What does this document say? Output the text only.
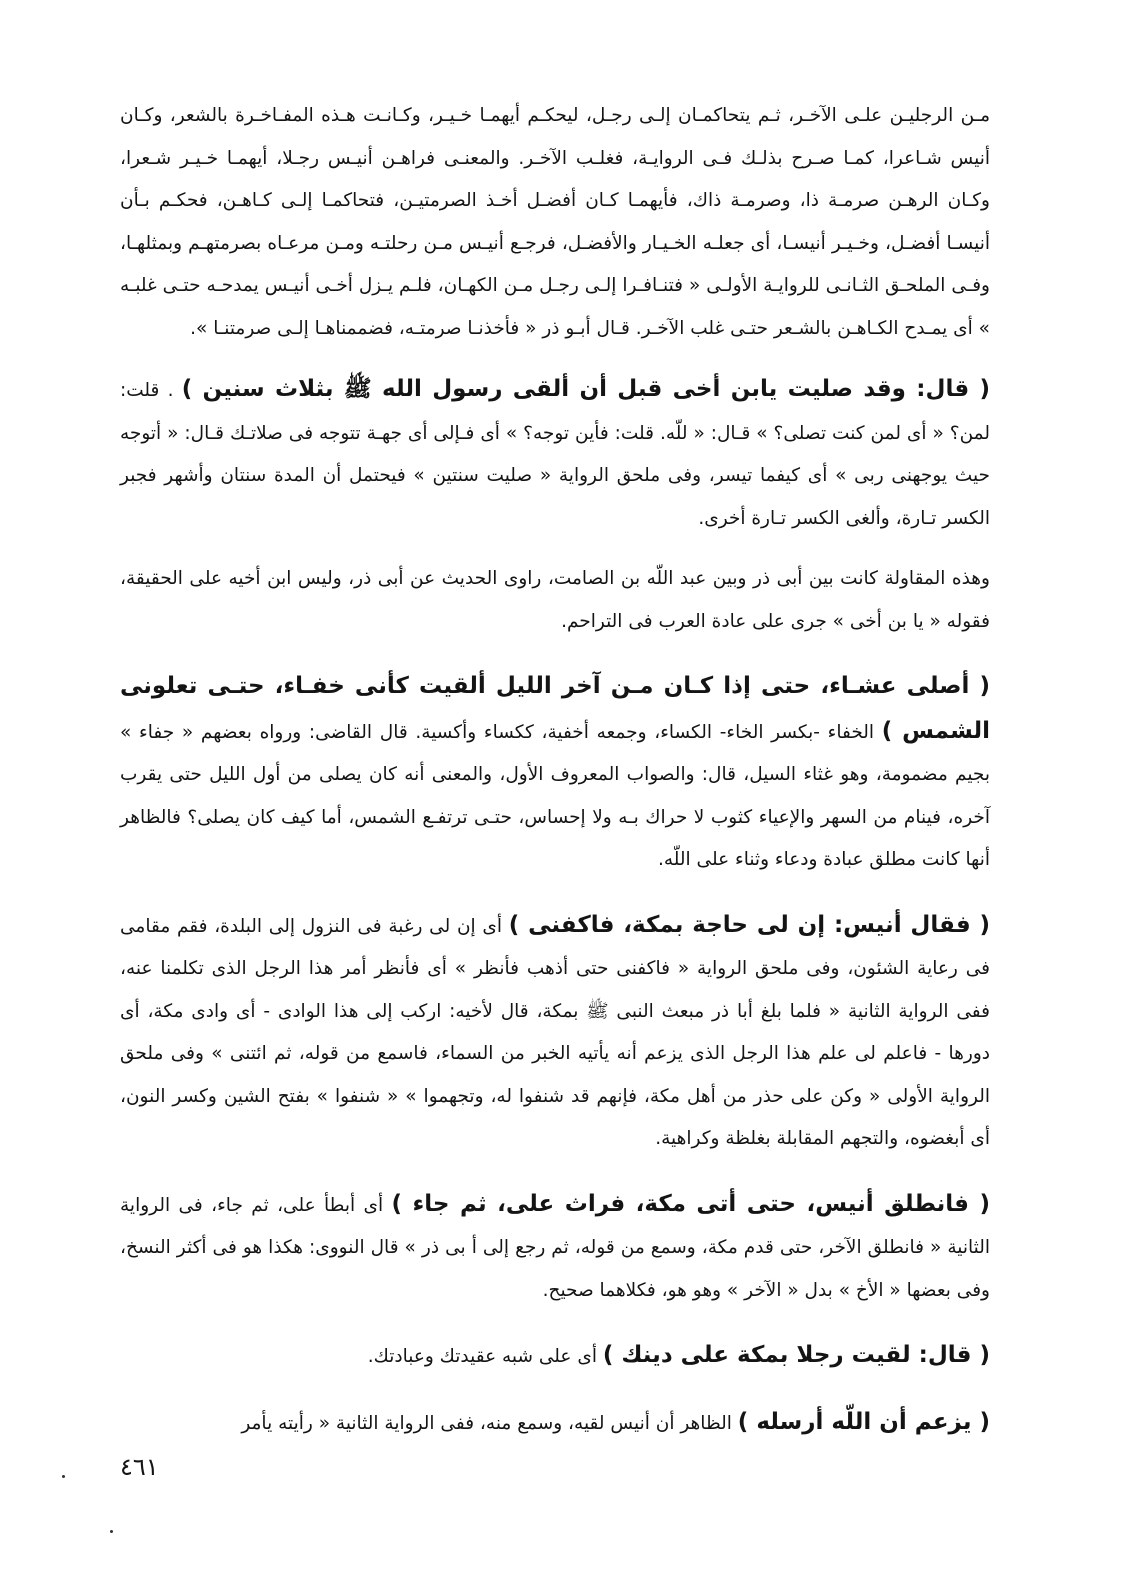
مـن الرجليـن علـى الآخـر، ثـم يتحاكمـان إلـى رجـل، ليحكـم أيهمـا خـيـر، وكـانـت هـذه المفـاخـرة بالشعر، وكـان أنيس شـاعرا، كمـا صـرح بذلـك فـى الروايـة، فغلـب الآخـر. والمعنـى فراهـن أنيـس رجـلا، أيهمـا خـيـر شـعرا، وكـان الرهـن صرمـة ذا، وصرمـة ذاك، فأيهمـا كـان أفضـل أخـذ الصرمتيـن، فتحاكمـا إلـى كـاهـن، فحكـم بـأن أنيسـا أفضـل، وخـيـر أنيسـا، أى جعلـه الخـيـار والأفضـل، فرجـع أنيـس مـن رحلتـه ومـن مرعـاه بصرمتهـم وبمثلهـا، وفـى الملحـق الثـانـى للروايـة الأولـى « فتنـافـرا إلـى رجـل مـن الكهـان، فلـم يـزل أخـى أنيـس يمدحـه حتـى غلبـه » أى يمـدح الكـاهـن بالشـعر حتـى غلب الآخـر. قـال أبـو ذر « فأخذنـا صرمتـه، فضممناهـا إلـى صرمتنـا ».

( قال: وقد صليت يابن أخى قبل أن ألقى رسول الله ﷺ بثلاث سنين ) . قلت: لمن؟ « أى لمن كنت تصلى؟ » قـال: « للّه. قلت: فأين توجه؟ » أى فـإلى أى جهـة تتوجه فى صلاتـك قـال: « أتوجه حيث يوجهنى ربى » أى كيفما تيسر، وفى ملحق الرواية « صليت سنتين » فيحتمل أن المدة سنتان وأشهر فجبر الكسر تـارة، وألغى الكسر تـارة أخرى.

وهذه المقاولة كانت بين أبى ذر وبين عبد اللّه بن الصامت، راوى الحديث عن أبى ذر، وليس ابن أخيه على الحقيقة، فقوله « يا بن أخى » جرى على عادة العرب فى التراحم.

( أصلى عشـاء، حتى إذا كـان مـن آخر الليل ألقيت كأنى خفـاء، حتـى تعلونى الشمس ) الخفاء -بكسر الخاء- الكساء، وجمعه أخفية، ككساء وأكسية. قال القاضى: ورواه بعضهم « جفاء » بجيم مضمومة، وهو غثاء السيل، قال: والصواب المعروف الأول، والمعنى أنه كان يصلى من أول الليل حتى يقرب آخره، فينام من السهر والإعياء كثوب لا حراك بـه ولا إحساس، حتـى ترتفـع الشمس، أما كيف كان يصلى؟ فالظاهر أنها كانت مطلق عبادة ودعاء وثناء على اللّه.

( فقال أنيس: إن لى حاجة بمكة، فاكفنى ) أى إن لى رغبة فى النزول إلى البلدة، فقم مقامى فى رعاية الشئون، وفى ملحق الرواية « فاكفنى حتى أذهب فأنظر » أى فأنظر أمر هذا الرجل الذى تكلمنا عنه، ففى الرواية الثانية « فلما بلغ أبا ذر مبعث النبى ﷺ بمكة، قال لأخيه: اركب إلى هذا الوادى - أى وادى مكة، أى دورها - فاعلم لى علم هذا الرجل الذى يزعم أنه يأتيه الخبر من السماء، فاسمع من قوله، ثم ائتنى » وفى ملحق الرواية الأولى « وكن على حذر من أهل مكة، فإنهم قد شنفوا له، وتجهموا » « شنفوا » بفتح الشين وكسر النون، أى أبغضوه، والتجهم المقابلة بغلظة وكراهية.

( فانطلق أنيس، حتى أتى مكة، فراث على، ثم جاء ) أى أبطأ على، ثم جاء، فى الرواية الثانية « فانطلق الآخر، حتى قدم مكة، وسمع من قوله، ثم رجع إلى أ بى ذر » قال النووى: هكذا هو فى أكثر النسخ، وفى بعضها « الأخ » بدل « الآخر » وهو هو، فكلاهما صحيح.

( قال: لقيت رجلا بمكة على دينك ) أى على شبه عقيدتك وعبادتك.

( يزعم أن اللّه أرسله ) الظاهر أن أنيس لقيه، وسمع منه، ففى الرواية الثانية « رأيته يأمر

٤٦١
